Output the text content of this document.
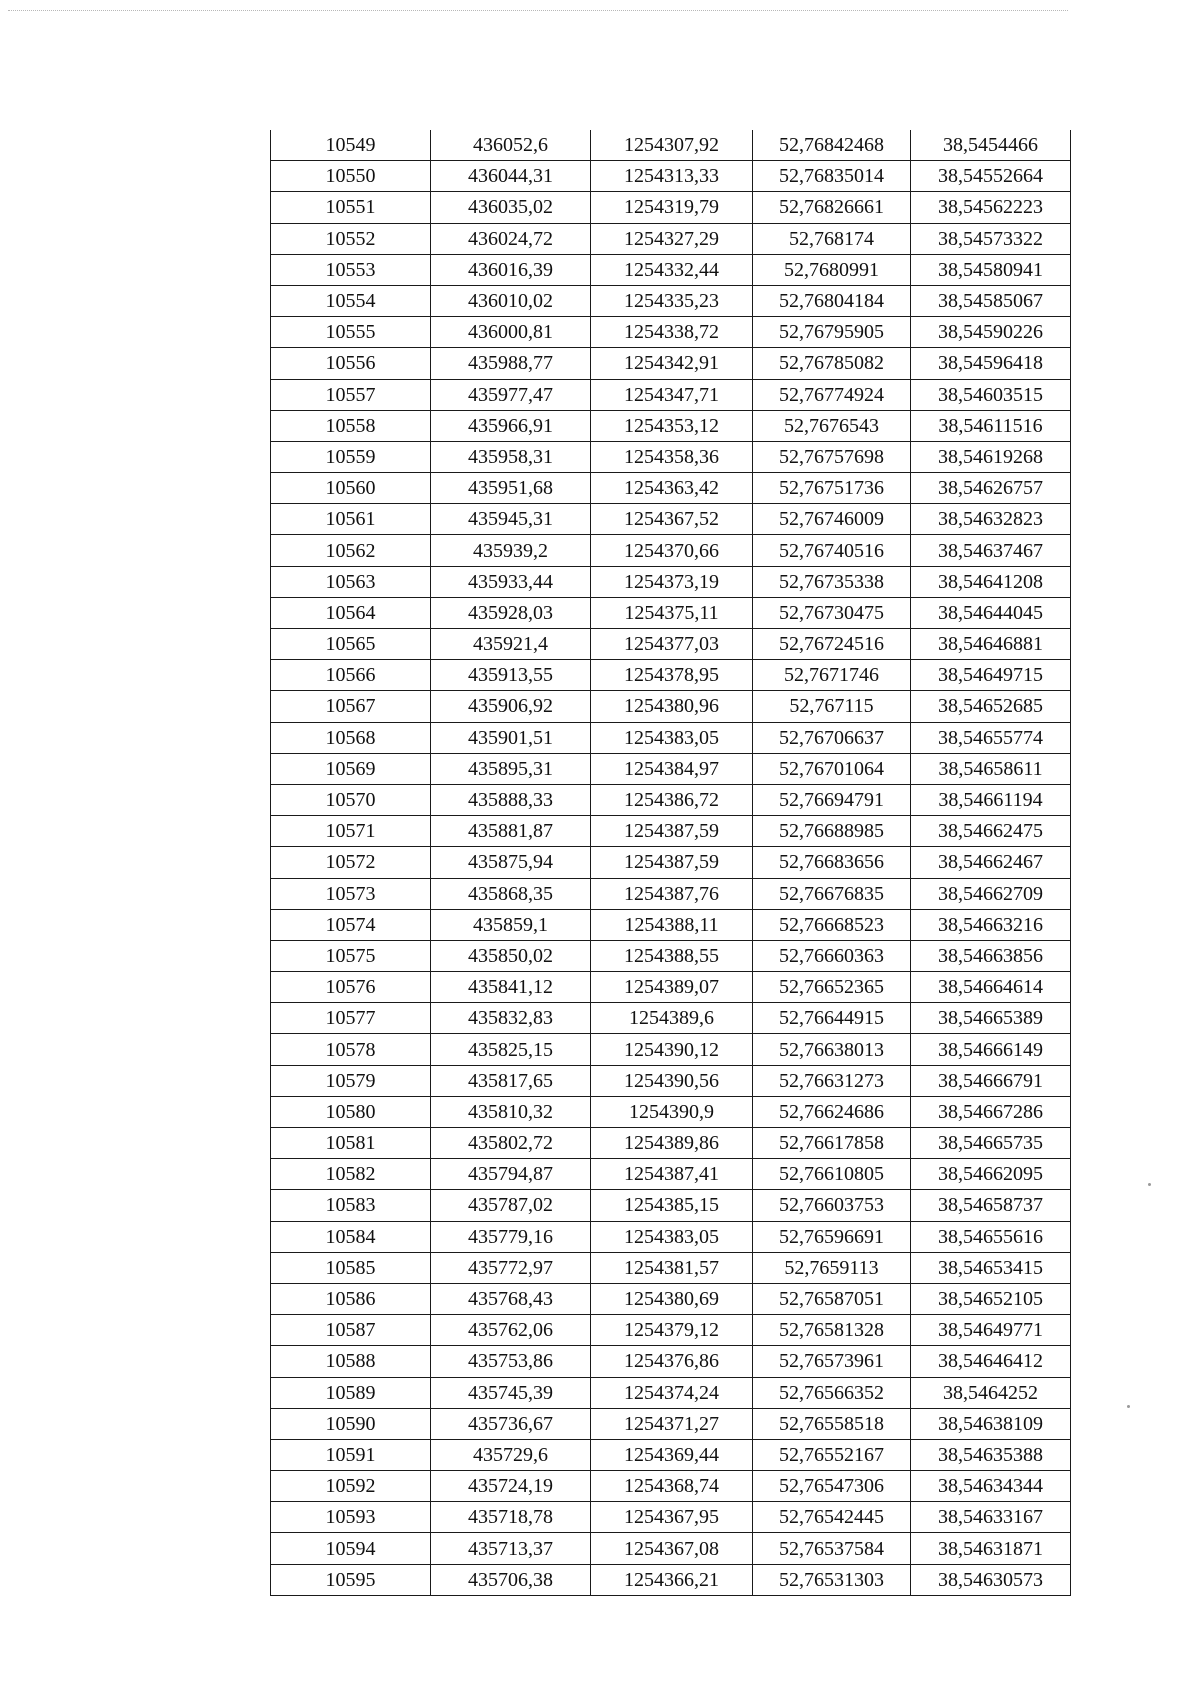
10549	436052,6	1254307,92	52,76842468	38,5454466
10550	436044,31	1254313,33	52,76835014	38,54552664
10551	436035,02	1254319,79	52,76826661	38,54562223
10552	436024,72	1254327,29	52,768174	38,54573322
10553	436016,39	1254332,44	52,7680991	38,54580941
10554	436010,02	1254335,23	52,76804184	38,54585067
10555	436000,81	1254338,72	52,76795905	38,54590226
10556	435988,77	1254342,91	52,76785082	38,54596418
10557	435977,47	1254347,71	52,76774924	38,54603515
10558	435966,91	1254353,12	52,7676543	38,54611516
10559	435958,31	1254358,36	52,76757698	38,54619268
10560	435951,68	1254363,42	52,76751736	38,54626757
10561	435945,31	1254367,52	52,76746009	38,54632823
10562	435939,2	1254370,66	52,76740516	38,54637467
10563	435933,44	1254373,19	52,76735338	38,54641208
10564	435928,03	1254375,11	52,76730475	38,54644045
10565	435921,4	1254377,03	52,76724516	38,54646881
10566	435913,55	1254378,95	52,7671746	38,54649715
10567	435906,92	1254380,96	52,767115	38,54652685
10568	435901,51	1254383,05	52,76706637	38,54655774
10569	435895,31	1254384,97	52,76701064	38,54658611
10570	435888,33	1254386,72	52,76694791	38,54661194
10571	435881,87	1254387,59	52,76688985	38,54662475
10572	435875,94	1254387,59	52,76683656	38,54662467
10573	435868,35	1254387,76	52,76676835	38,54662709
10574	435859,1	1254388,11	52,76668523	38,54663216
10575	435850,02	1254388,55	52,76660363	38,54663856
10576	435841,12	1254389,07	52,76652365	38,54664614
10577	435832,83	1254389,6	52,76644915	38,54665389
10578	435825,15	1254390,12	52,76638013	38,54666149
10579	435817,65	1254390,56	52,76631273	38,54666791
10580	435810,32	1254390,9	52,76624686	38,54667286
10581	435802,72	1254389,86	52,76617858	38,54665735
10582	435794,87	1254387,41	52,76610805	38,54662095
10583	435787,02	1254385,15	52,76603753	38,54658737
10584	435779,16	1254383,05	52,76596691	38,54655616
10585	435772,97	1254381,57	52,7659113	38,54653415
10586	435768,43	1254380,69	52,76587051	38,54652105
10587	435762,06	1254379,12	52,76581328	38,54649771
10588	435753,86	1254376,86	52,76573961	38,54646412
10589	435745,39	1254374,24	52,76566352	38,5464252
10590	435736,67	1254371,27	52,76558518	38,54638109
10591	435729,6	1254369,44	52,76552167	38,54635388
10592	435724,19	1254368,74	52,76547306	38,54634344
10593	435718,78	1254367,95	52,76542445	38,54633167
10594	435713,37	1254367,08	52,76537584	38,54631871
10595	435706,38	1254366,21	52,76531303	38,54630573
